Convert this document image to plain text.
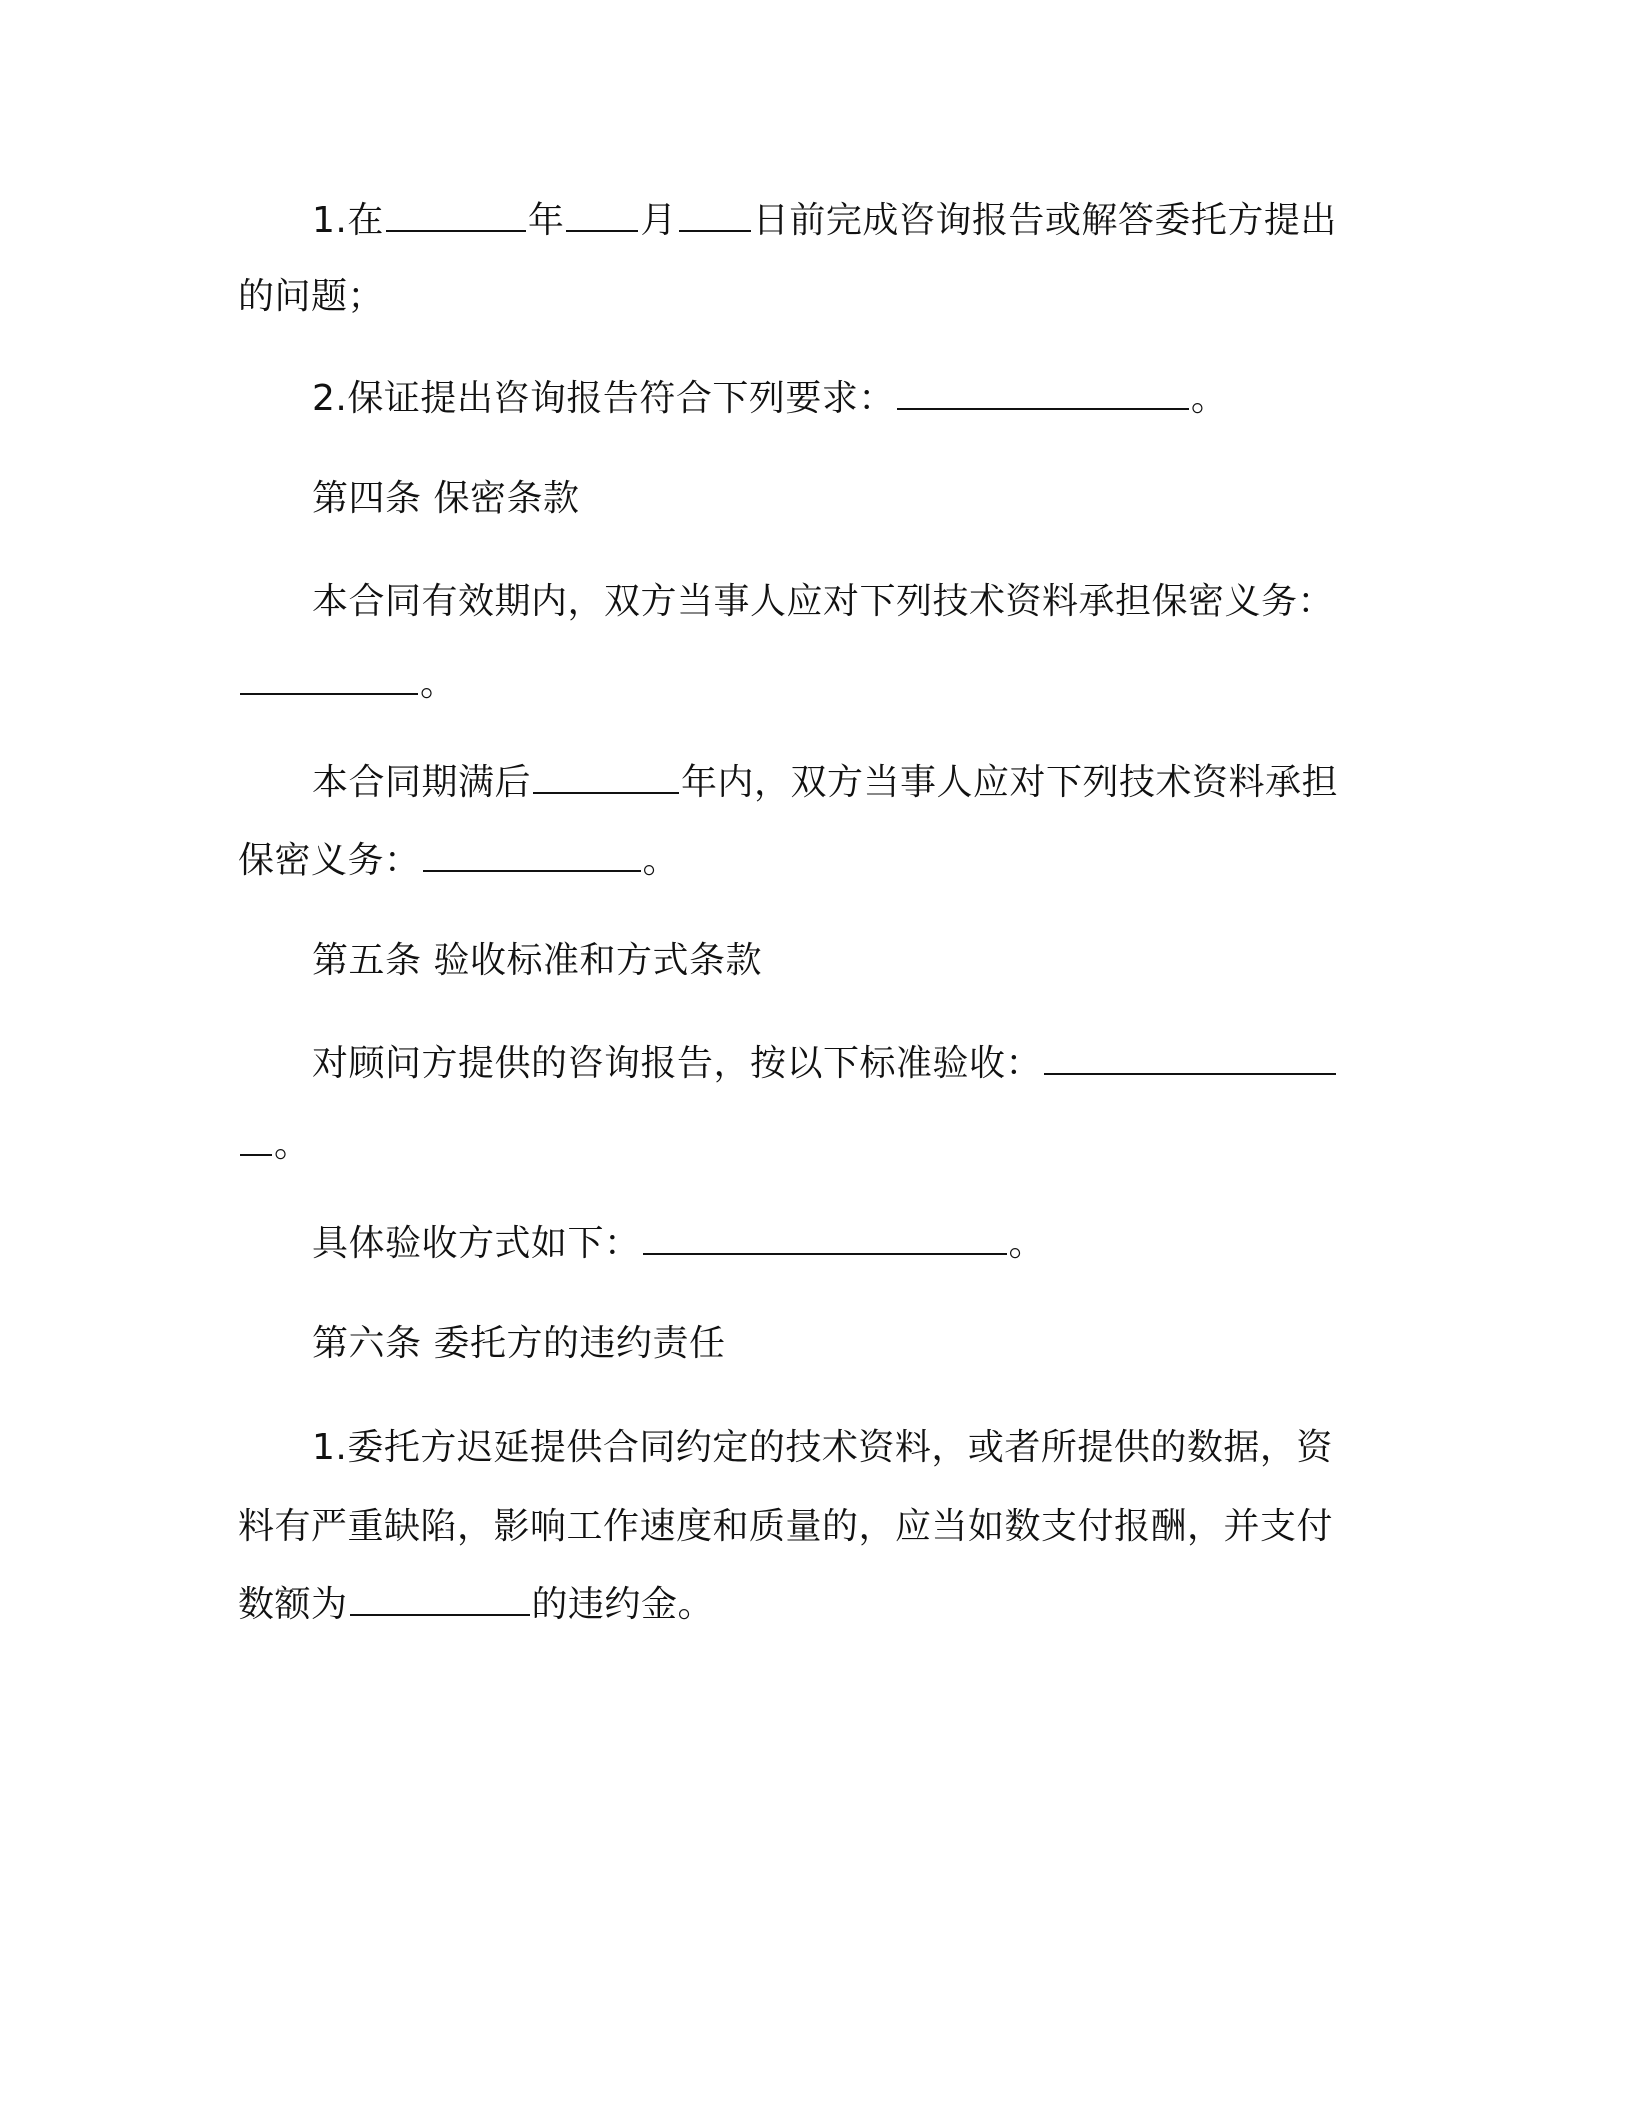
1.在	年 月 日前完成咨询报告或解答委托方提出
的问题；
2.保证提出咨询报告符合下列要求：	。
第四条 保密条款
本合同有效期内，双方当事人应对下列技术资料承担保密义务：
。
本合同期满后	年内，双方当事人应对下列技术资料承担
保密义务：	。
第五条 验收标准和方式条款
对顾问方提供的咨询报告，按以下标准验收：
。
具体验收方式如下：	。
第六条 委托方的违约责任
1.委托方迟延提供合同约定的技术资料，或者所提供的数据，资
料有严重缺陷，影响工作速度和质量的，应当如数支付报酬，并支付
数额为	的违约金。
